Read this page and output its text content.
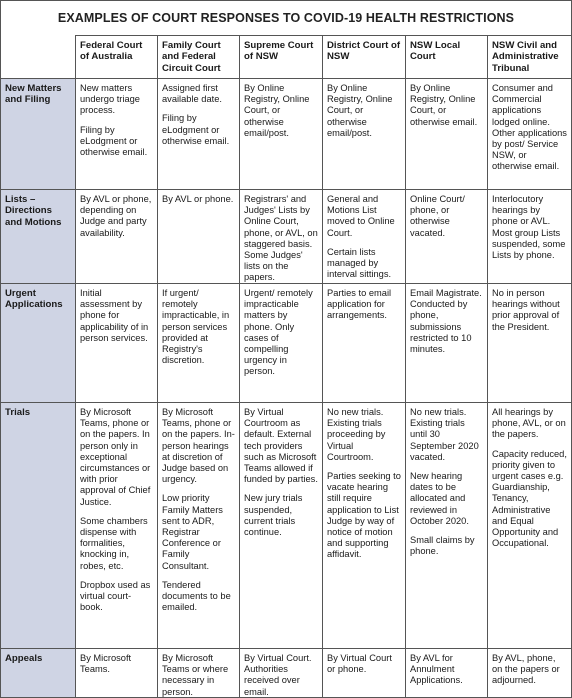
EXAMPLES OF COURT RESPONSES TO COVID-19 HEALTH RESTRICTIONS
Federal Court of Australia
Family Court and Federal Circuit Court
Supreme Court of NSW
District Court of NSW
NSW Local Court
NSW Civil and Administrative Tribunal
New Matters and Filing

New matters undergo triage process.

Filing by eLodgment or otherwise email.

Assigned first available date.

Filing by eLodgment or otherwise email.

By Online Registry, Online Court, or otherwise email/post.

By Online Registry, Online Court, or otherwise email/post.

By Online Registry, Online Court, or otherwise email.

Consumer and Commercial applications lodged online. Other applications by post/ Service NSW, or otherwise email.

Lists – Directions and Motions

By AVL or phone, depending on Judge and party availability.

By AVL or phone. Registrars' and Judges' Lists by Online Court, phone, or AVL, on staggered basis. Some Judges' lists on the papers.

General and Motions List moved to Online Court.

Certain lists managed by interval sittings.

Online Court/ phone, or otherwise vacated.

Interlocutory hearings by phone or AVL. Most group Lists suspended, some Lists by phone.

Urgent Applications

Initial assessment by phone for applicability of in person services.

If urgent/ remotely impracticable, in person services provided at Registry's discretion.

Urgent/ remotely impracticable matters by phone. Only cases of compelling urgency in person.

Parties to email application for arrangements.

Email Magistrate. Conducted by phone, submissions restricted to 10 minutes.

No in person hearings without prior approval of the President.

Trials	By Microsoft Teams, phone or on the papers. In person only in exceptional circumstances or with prior approval of Chief Justice.

Some chambers dispense with formalities, knocking in, robes, etc.

Dropbox used as virtual court-book.

By Microsoft Teams, phone or on the papers. In-person hearings at discretion of Judge based on urgency.

Low priority Family Matters sent to ADR, Registrar Conference or Family Consultant.

Tendered documents to be emailed.

By Virtual Courtroom as default. External tech providers such as Microsoft Teams allowed if funded by parties.

New jury trials suspended, current trials continue.

No new trials. Existing trials proceeding by Virtual Courtroom.

Parties seeking to vacate hearing still require application to List Judge by way of notice of motion and supporting affidavit.

No new trials. Existing trials until 30 September 2020 vacated.

New hearing dates to be allocated and reviewed in October 2020.

Small claims by phone.

All hearings by phone, AVL, or on the papers.

Capacity reduced, priority given to urgent cases e.g. Guardianship, Tenancy, Administrative and Equal Opportunity and Occupational.

Appeals	By Microsoft Teams.

By Microsoft Teams or where necessary in person.

By Virtual Court. Authorities received over email.

By Virtual Court or phone.

By AVL for Annulment Applications.

By AVL, phone, on the papers or adjourned.
